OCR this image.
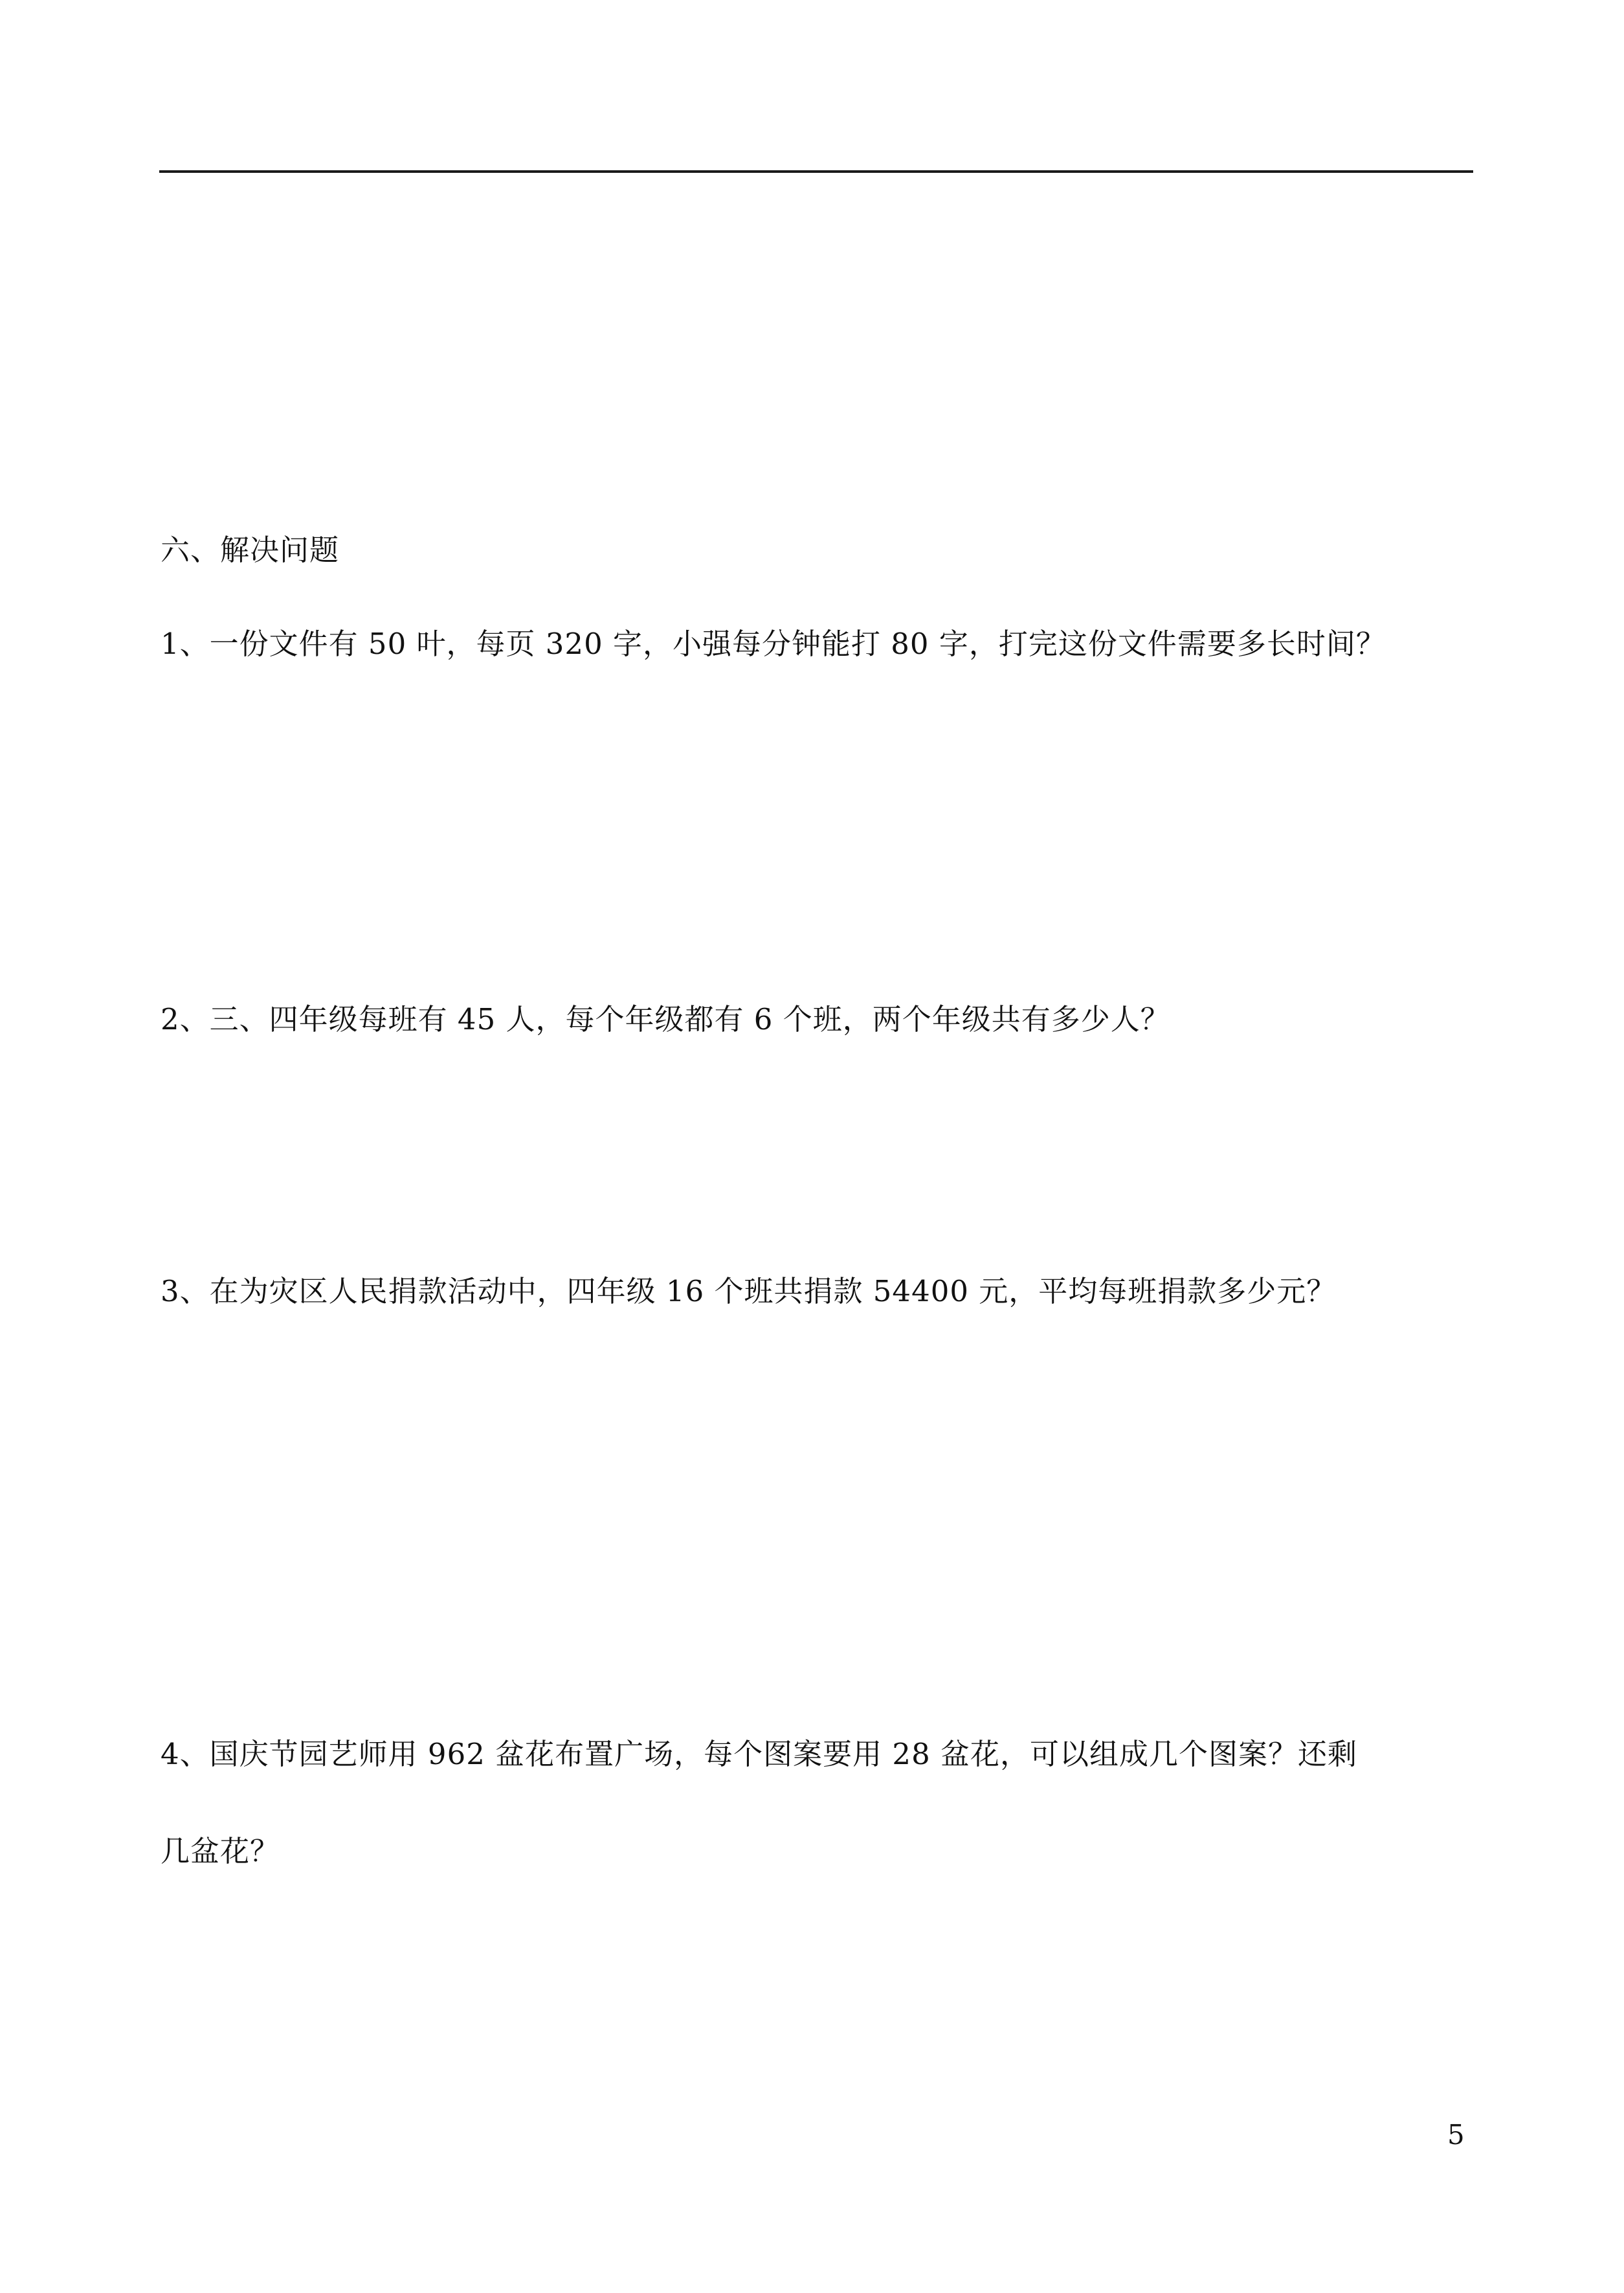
六、解决问题

1、一份文件有 50 叶，每页 320 字，小强每分钟能打 80 字，打完这份文件需要多长时间？

2、三、四年级每班有 45 人，每个年级都有 6 个班，两个年级共有多少人？

3、在为灾区人民捐款活动中，四年级 16 个班共捐款 54400 元，平均每班捐款多少元？

4、国庆节园艺师用 962 盆花布置广场，每个图案要用 28 盆花，可以组成几个图案？还剩

几盆花？

5
